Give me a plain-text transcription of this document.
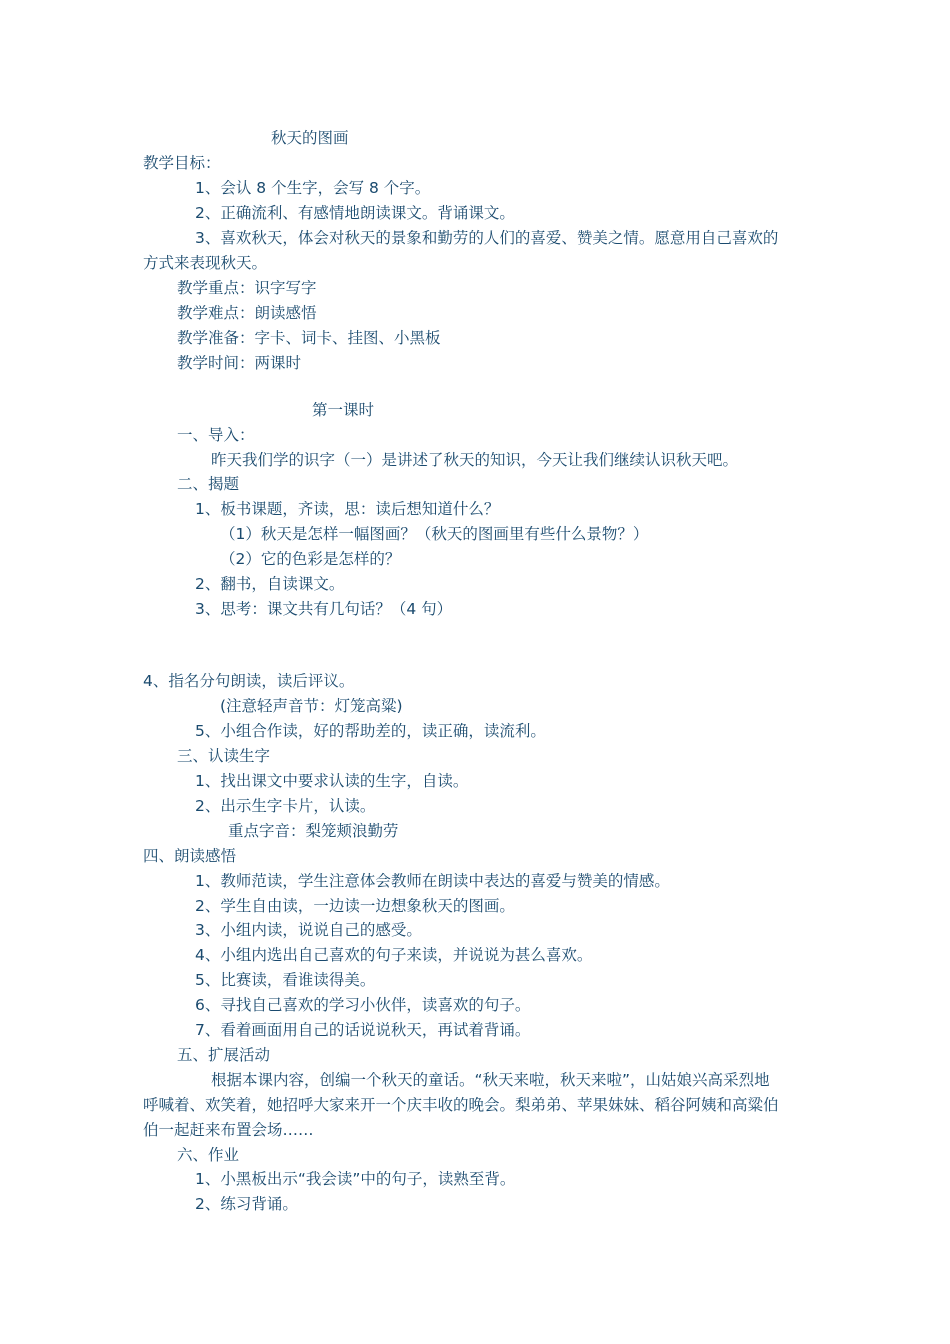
秋天的图画
教学目标：
1、会认 8 个生字，会写 8 个字。
2、正确流利、有感情地朗读课文。背诵课文。
3、喜欢秋天，体会对秋天的景象和勤劳的人们的喜爱、赞美之情。愿意用自己喜欢的
方式来表现秋天。
教学重点：识字写字
教学难点：朗读感悟
教学准备：字卡、词卡、挂图、小黑板
教学时间：两课时
第一课时
一、导入：
昨天我们学的识字（一）是讲述了秋天的知识，今天让我们继续认识秋天吧。
二、揭题
1、板书课题，齐读，思：读后想知道什么？
（1）秋天是怎样一幅图画？（秋天的图画里有些什么景物？）
（2）它的色彩是怎样的？
2、翻书，自读课文。
3、思考：课文共有几句话？（4 句）
4、指名分句朗读，读后评议。
(注意轻声音节：灯笼高粱)
5、小组合作读，好的帮助差的，读正确，读流利。
三、认读生字
1、找出课文中要求认读的生字，自读。
2、出示生字卡片，认读。
重点字音：梨笼颊浪勤劳
四、朗读感悟
1、教师范读，学生注意体会教师在朗读中表达的喜爱与赞美的情感。
2、学生自由读，一边读一边想象秋天的图画。
3、小组内读，说说自己的感受。
4、小组内选出自己喜欢的句子来读，并说说为甚么喜欢。
5、比赛读，看谁读得美。
6、寻找自己喜欢的学习小伙伴，读喜欢的句子。
7、看着画面用自己的话说说秋天，再试着背诵。
五、扩展活动
根据本课内容，创编一个秋天的童话。“秋天来啦，秋天来啦”，山姑娘兴高采烈地
呼喊着、欢笑着，她招呼大家来开一个庆丰收的晚会。梨弟弟、苹果妹妹、稻谷阿姨和高粱伯
伯一起赶来布置会场……
六、作业
1、小黑板出示“我会读”中的句子，读熟至背。
2、练习背诵。
